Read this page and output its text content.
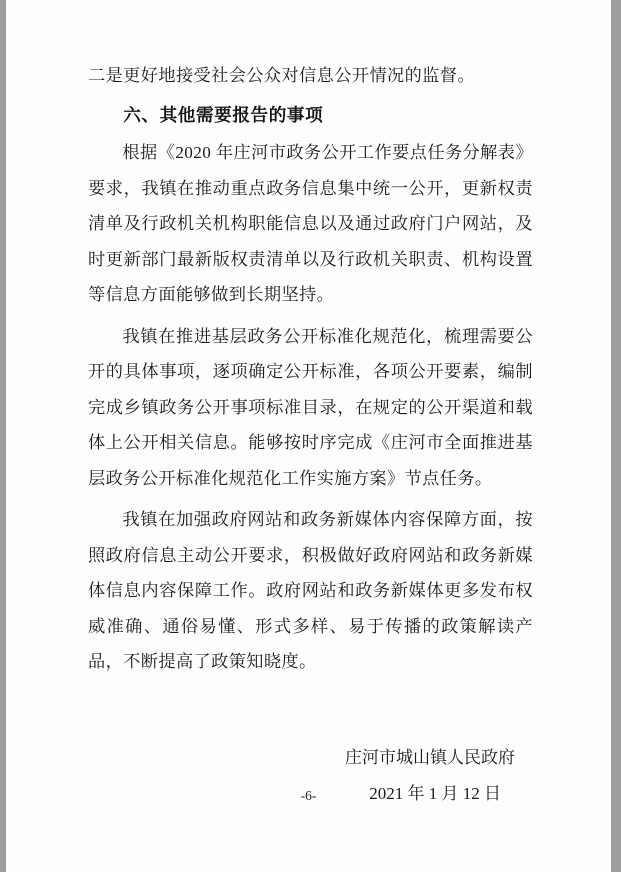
二是更好地接受社会公众对信息公开情况的监督。

六、其他需要报告的事项

根据《2020 年庄河市政务公开工作要点任务分解表》要求，我镇在推动重点政务信息集中统一公开，更新权责清单及行政机关机构职能信息以及通过政府门户网站，及时更新部门最新版权责清单以及行政机关职责、机构设置等信息方面能够做到长期坚持。

我镇在推进基层政务公开标准化规范化，梳理需要公开的具体事项，逐项确定公开标准，各项公开要素，编制完成乡镇政务公开事项标准目录，在规定的公开渠道和载体上公开相关信息。能够按时序完成《庄河市全面推进基层政务公开标准化规范化工作实施方案》节点任务。

我镇在加强政府网站和政务新媒体内容保障方面，按照政府信息主动公开要求，积极做好政府网站和政务新媒体信息内容保障工作。政府网站和政务新媒体更多发布权威准确、通俗易懂、形式多样、易于传播的政策解读产品，不断提高了政策知晓度。

庄河市城山镇人民政府
2021 年 1 月 12 日
-6-
